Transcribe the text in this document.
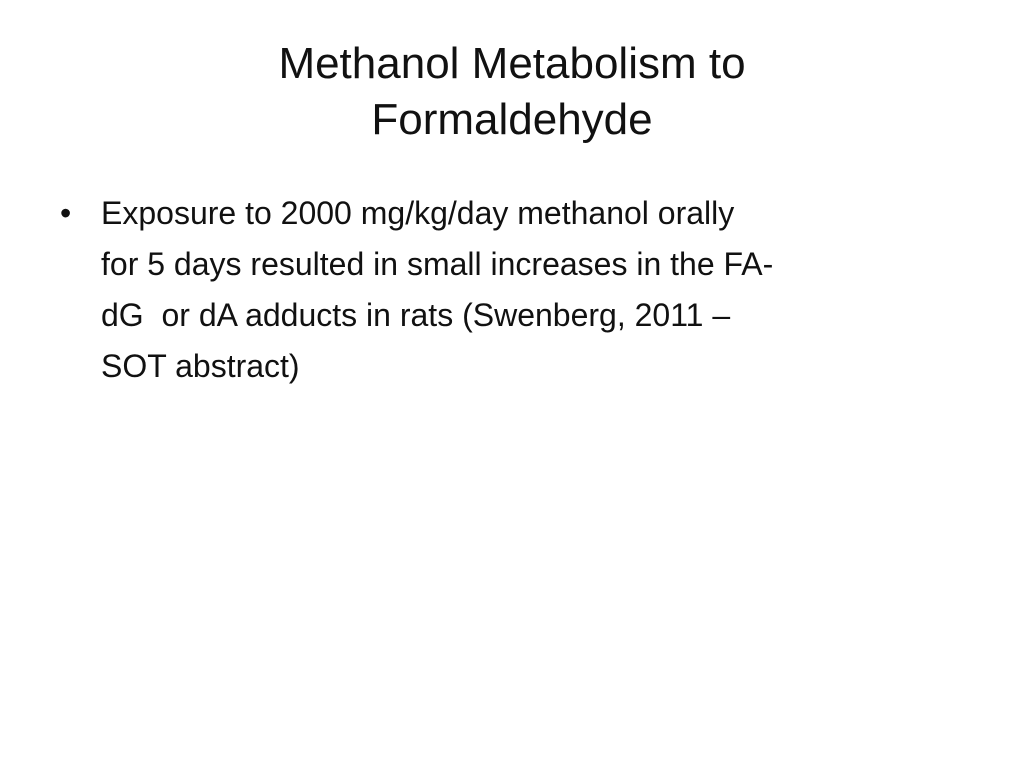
Methanol Metabolism to
Formaldehyde
• Exposure to 2000 mg/kg/day methanol orally
for 5 days resulted in small increases in the FA-
dG  or dA adducts in rats (Swenberg, 2011 –
SOT abstract)
